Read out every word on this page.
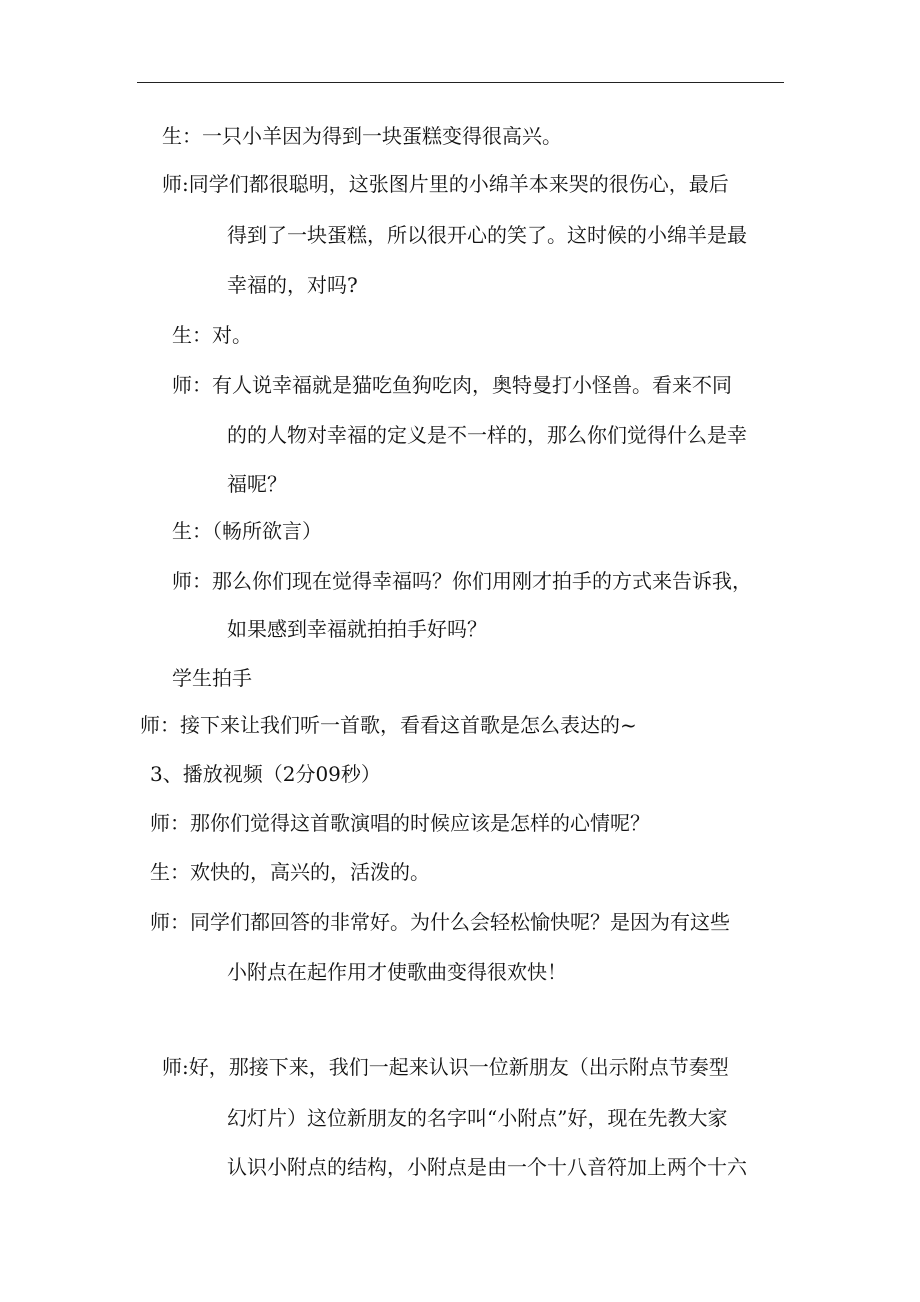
生：一只小羊因为得到一块蛋糕变得很高兴。
师:同学们都很聪明，这张图片里的小绵羊本来哭的很伤心，最后
得到了一块蛋糕，所以很开心的笑了。这时候的小绵羊是最
幸福的，对吗?
生：对。
师：有人说幸福就是猫吃鱼狗吃肉，奥特曼打小怪兽。看来不同
的的人物对幸福的定义是不一样的，那么你们觉得什么是幸
福呢？
生：（畅所欲言）
师：那么你们现在觉得幸福吗？你们用刚才拍手的方式来告诉我，
如果感到幸福就拍拍手好吗？
学生拍手
师：接下来让我们听一首歌，看看这首歌是怎么表达的~
3、播放视频（2分09秒）
师：那你们觉得这首歌演唱的时候应该是怎样的心情呢？
生：欢快的，高兴的，活泼的。
师：同学们都回答的非常好。为什么会轻松愉快呢？是因为有这些
小附点在起作用才使歌曲变得很欢快！
师:好，那接下来，我们一起来认识一位新朋友（出示附点节奏型
幻灯片）这位新朋友的名字叫“小附点”好，现在先教大家
认识小附点的结构，小附点是由一个十八音符加上两个十六
